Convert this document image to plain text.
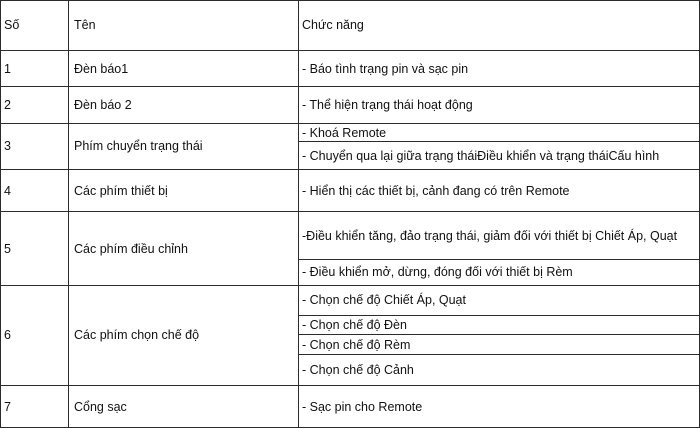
Số	Tên	Chức năng
1	Đèn báo1	- Báo tình trạng pin và sạc pin
2	Đèn báo 2	- Thể hiện trạng thái hoạt động
3	Phím chuyển trạng thái	- Khoá Remote
		- Chuyển qua lại giữa trạng tháiĐiều khiển và trạng tháiCấu hình
4	Các phím thiết bị	- Hiển thị các thiết bị, cảnh đang có trên Remote
5	Các phím điều chỉnh	-Điều khiển tăng, đảo trạng thái, giảm đối với thiết bị Chiết Áp, Quạt
		- Điều khiển mở, dừng, đóng đối với thiết bị Rèm
6	Các phím chọn chế độ	- Chọn chế độ Chiết Áp, Quạt
		- Chọn chế độ Đèn
		- Chọn chế độ Rèm
		- Chọn chế độ Cảnh
7	Cổng sạc	- Sạc pin cho Remote
